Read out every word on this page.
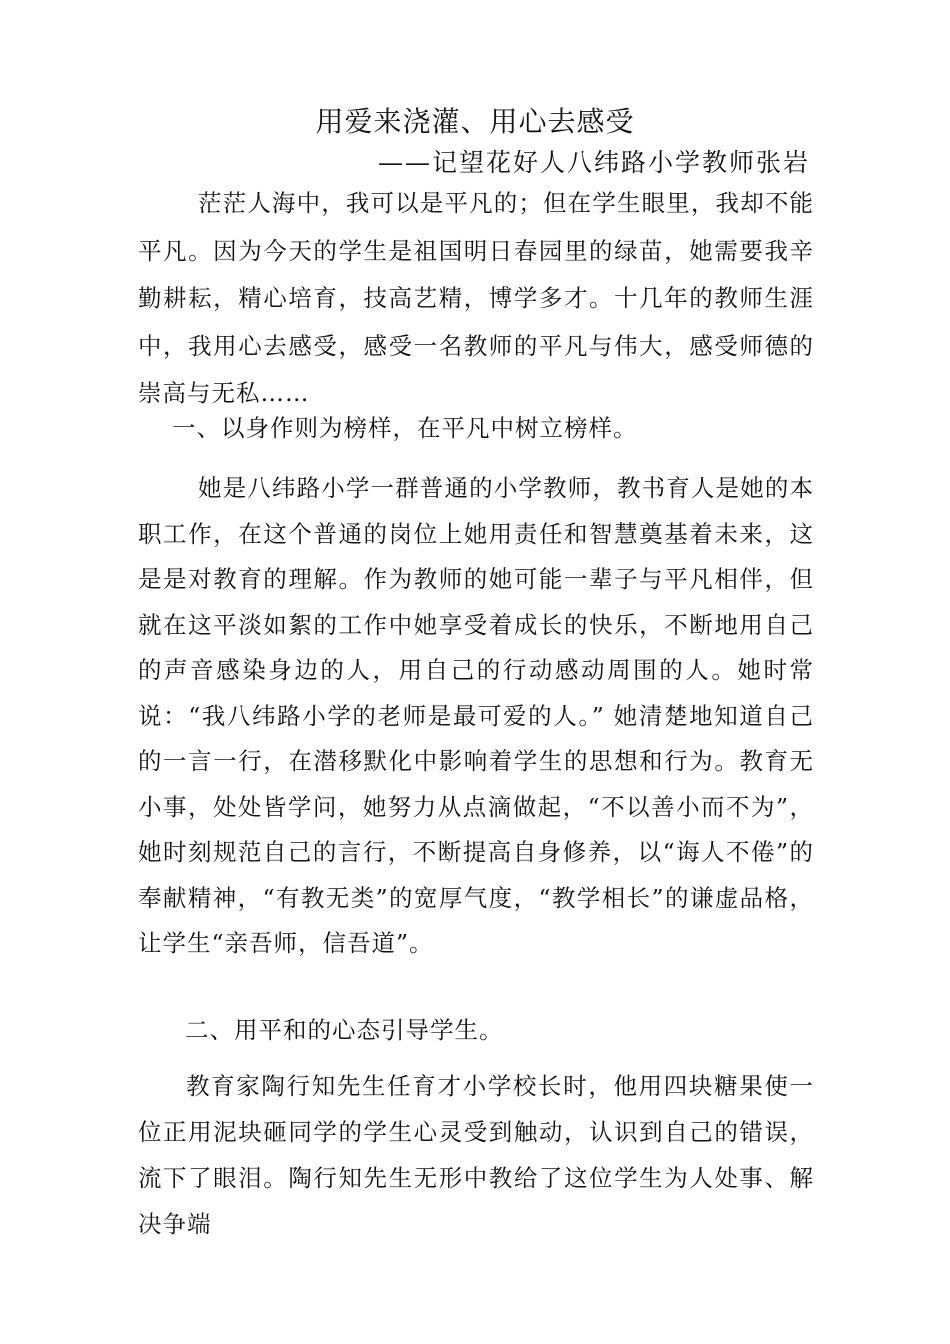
用爱来浇灌、用心去感受
——记望花好人八纬路小学教师张岩

茫茫人海中，我可以是平凡的；但在学生眼里，我却不能平凡。因为今天的学生是祖国明日春园里的绿苗，她需要我辛勤耕耘，精心培育，技高艺精，博学多才。十几年的教师生涯中，我用心去感受，感受一名教师的平凡与伟大，感受师德的崇高与无私……

一、以身作则为榜样，在平凡中树立榜样。

她是八纬路小学一群普通的小学教师，教书育人是她的本职工作，在这个普通的岗位上她用责任和智慧奠基着未来，这是是对教育的理解。作为教师的她可能一辈子与平凡相伴，但就在这平淡如絮的工作中她享受着成长的快乐，不断地用自己的声音感染身边的人，用自己的行动感动周围的人。她时常说：“我八纬路小学的老师是最可爱的人。” 她清楚地知道自己的一言一行，在潜移默化中影响着学生的思想和行为。教育无小事，处处皆学问，她努力从点滴做起，“不以善小而不为”，她时刻规范自己的言行，不断提高自身修养，以“诲人不倦”的奉献精神，“有教无类”的宽厚气度，“教学相长”的谦虚品格，让学生“亲吾师，信吾道”。

二、用平和的心态引导学生。

教育家陶行知先生任育才小学校长时，他用四块糖果使一位正用泥块砸同学的学生心灵受到触动，认识到自己的错误，流下了眼泪。陶行知先生无形中教给了这位学生为人处事、解决争端
